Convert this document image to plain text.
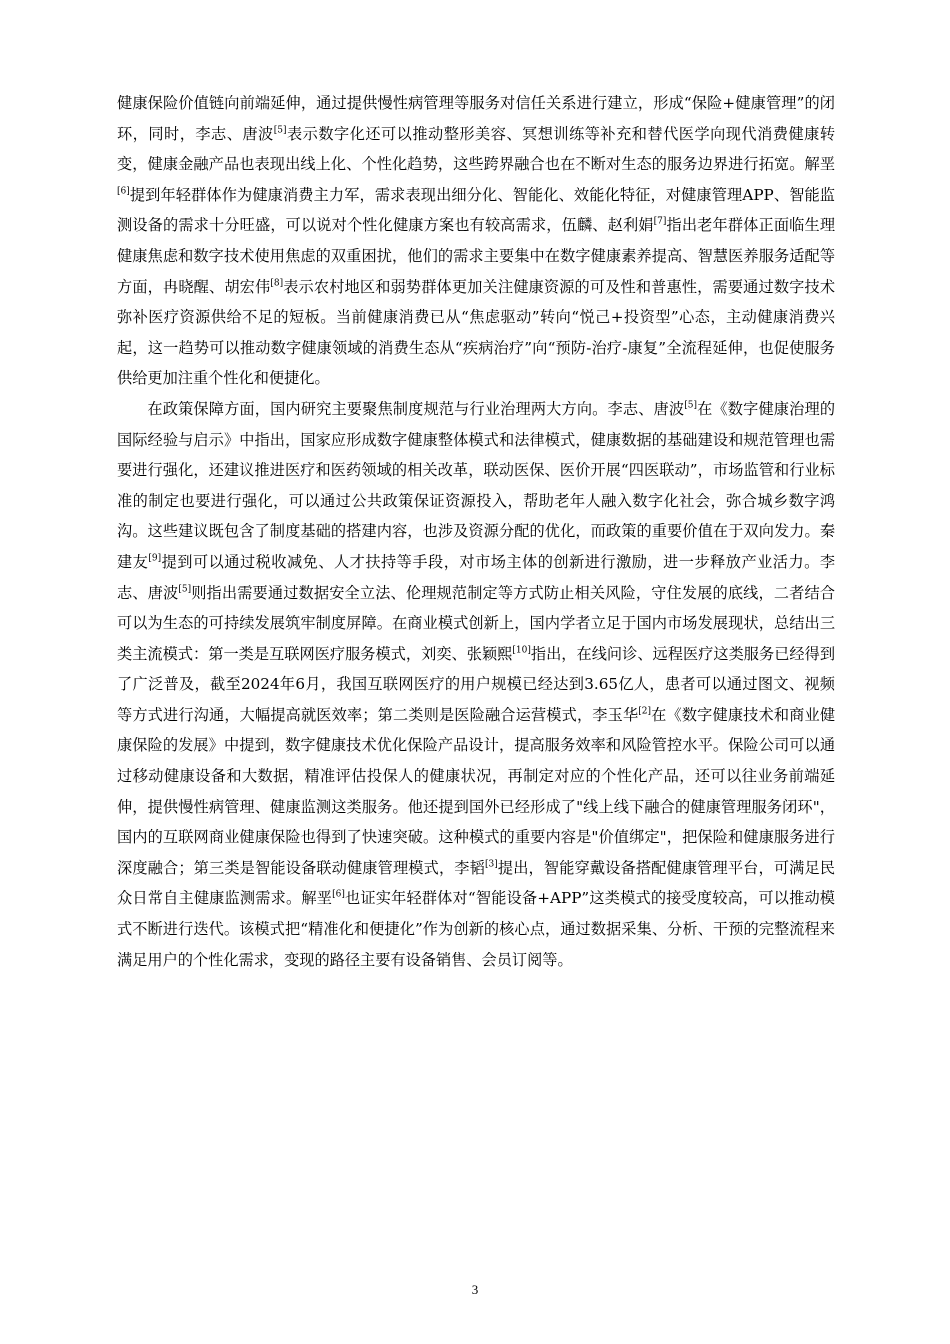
健康保险价值链向前端延伸，通过提供慢性病管理等服务对信任关系进行建立，形成“保险+健康管理”的闭环，同时，李志、唐波[5]表示数字化还可以推动整形美容、冥想训练等补充和替代医学向现代消费健康转变，健康金融产品也表现出线上化、个性化趋势，这些跨界融合也在不断对生态的服务边界进行拓宽。解垩[6]提到年轻群体作为健康消费主力军，需求表现出细分化、智能化、效能化特征，对健康管理APP、智能监测设备的需求十分旺盛，可以说对个性化健康方案也有较高需求，伍麟、赵利娟[7]指出老年群体正面临生理健康焦虑和数字技术使用焦虑的双重困扰，他们的需求主要集中在数字健康素养提高、智慧医养服务适配等方面，冉晓醒、胡宏伟[8]表示农村地区和弱势群体更加关注健康资源的可及性和普惠性，需要通过数字技术弥补医疗资源供给不足的短板。当前健康消费已从“焦虑驱动”转向“悦己+投资型”心态，主动健康消费兴起，这一趋势可以推动数字健康领域的消费生态从“疾病治疗”向“预防-治疗-康复”全流程延伸，也促使服务供给更加注重个性化和便捷化。

在政策保障方面，国内研究主要聚焦制度规范与行业治理两大方向。李志、唐波[5]在《数字健康治理的国际经验与启示》中指出，国家应形成数字健康整体模式和法律模式，健康数据的基础建设和规范管理也需要进行强化，还建议推进医疗和医药领域的相关改革，联动医保、医价开展“四医联动”，市场监管和行业标准的制定也要进行强化，可以通过公共政策保证资源投入，帮助老年人融入数字化社会，弥合城乡数字鸿沟。这些建议既包含了制度基础的搭建内容，也涉及资源分配的优化，而政策的重要价值在于双向发力。秦建友[9]提到可以通过税收减免、人才扶持等手段，对市场主体的创新进行激励，进一步释放产业活力。李志、唐波[5]则指出需要通过数据安全立法、伦理规范制定等方式防止相关风险，守住发展的底线，二者结合可以为生态的可持续发展筑牢制度屏障。在商业模式创新上，国内学者立足于国内市场发展现状，总结出三类主流模式：第一类是互联网医疗服务模式，刘奕、张颖熙[10]指出，在线问诊、远程医疗这类服务已经得到了广泛普及，截至2024年6月，我国互联网医疗的用户规模已经达到3.65亿人，患者可以通过图文、视频等方式进行沟通，大幅提高就医效率；第二类则是医险融合运营模式，李玉华[2]在《数字健康技术和商业健康保险的发展》中提到，数字健康技术优化保险产品设计，提高服务效率和风险管控水平。保险公司可以通过移动健康设备和大数据，精准评估投保人的健康状况，再制定对应的个性化产品，还可以往业务前端延伸，提供慢性病管理、健康监测这类服务。他还提到国外已经形成了"线上线下融合的健康管理服务闭环"，国内的互联网商业健康保险也得到了快速突破。这种模式的重要内容是"价值绑定"，把保险和健康服务进行深度融合；第三类是智能设备联动健康管理模式，李韬[3]提出，智能穿戴设备搭配健康管理平台，可满足民众日常自主健康监测需求。解垩[6]也证实年轻群体对“智能设备+APP”这类模式的接受度较高，可以推动模式不断进行迭代。该模式把“精准化和便捷化”作为创新的核心点，通过数据采集、分析、干预的完整流程来满足用户的个性化需求，变现的路径主要有设备销售、会员订阅等。

3
